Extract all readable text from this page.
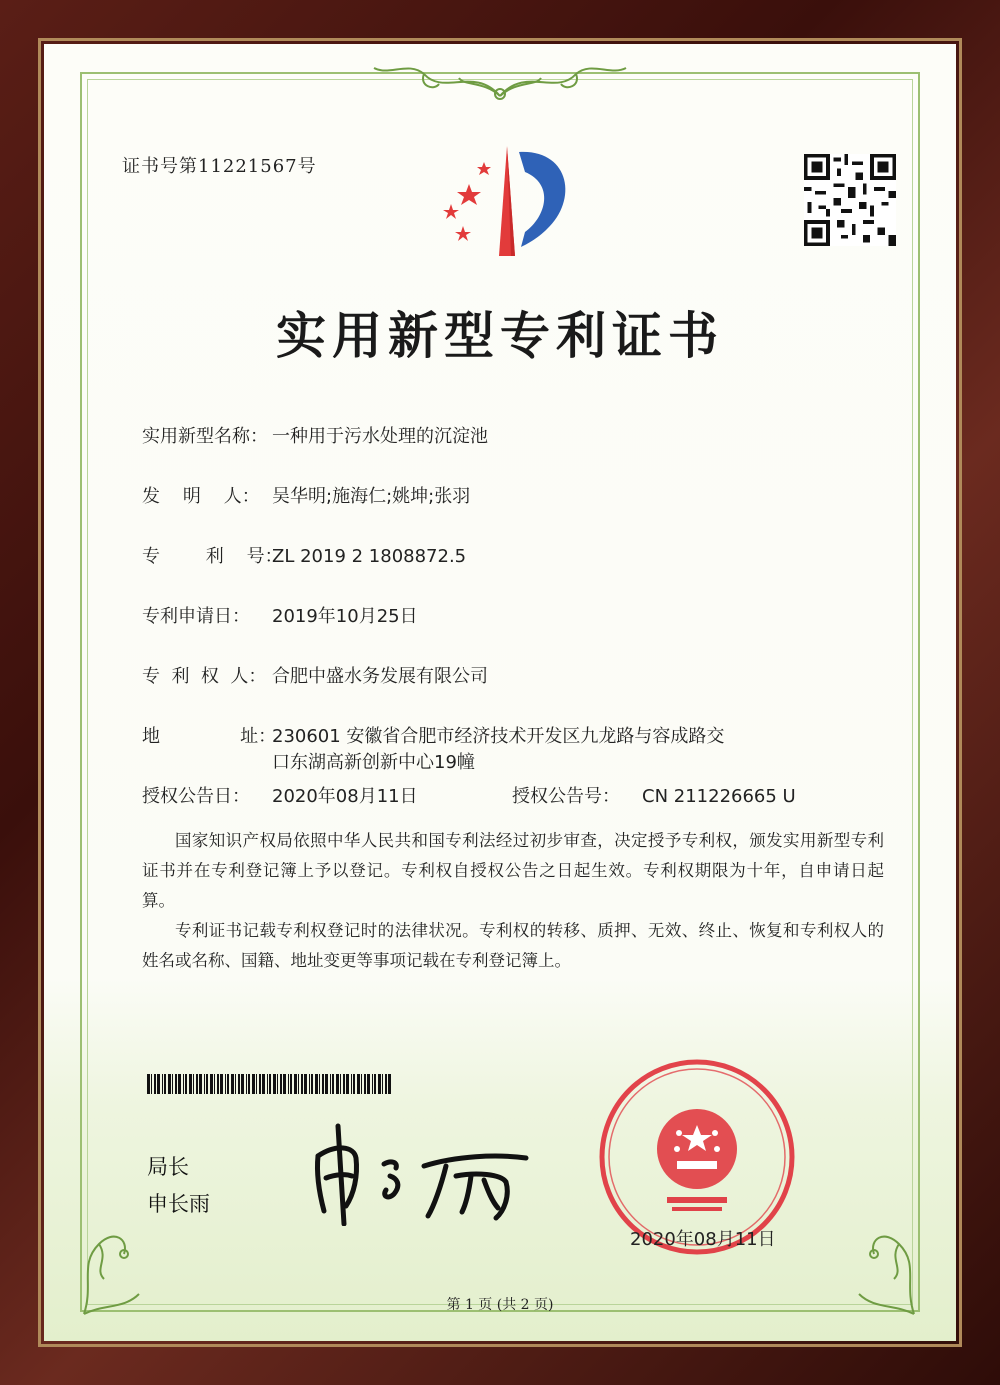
证书号第11221567号
实用新型专利证书
实用新型名称： 一种用于污水处理的沉淀池
发    明    人： 吴华明;施海仁;姚坤;张羽
专        利    号：ZL 2019 2 1808872.5
专利申请日： 2019年10月25日
专  利  权  人： 合肥中盛水务发展有限公司
地              址：230601 安徽省合肥市经济技术开发区九龙路与容成路交
口东湖高新创新中心19幢
授权公告日： 2020年08月11日	授权公告号： CN 211226665 U
国家知识产权局依照中华人民共和国专利法经过初步审查，决定授予专利权，颁发实用新型专利证书并在专利登记簿上予以登记。专利权自授权公告之日起生效。专利权期限为十年，自申请日起算。
专利证书记载专利权登记时的法律状况。专利权的转移、质押、无效、终止、恢复和专利权人的姓名或名称、国籍、地址变更等事项记载在专利登记簿上。
局长
申长雨
2020年08月11日
第 1 页 (共 2 页)
